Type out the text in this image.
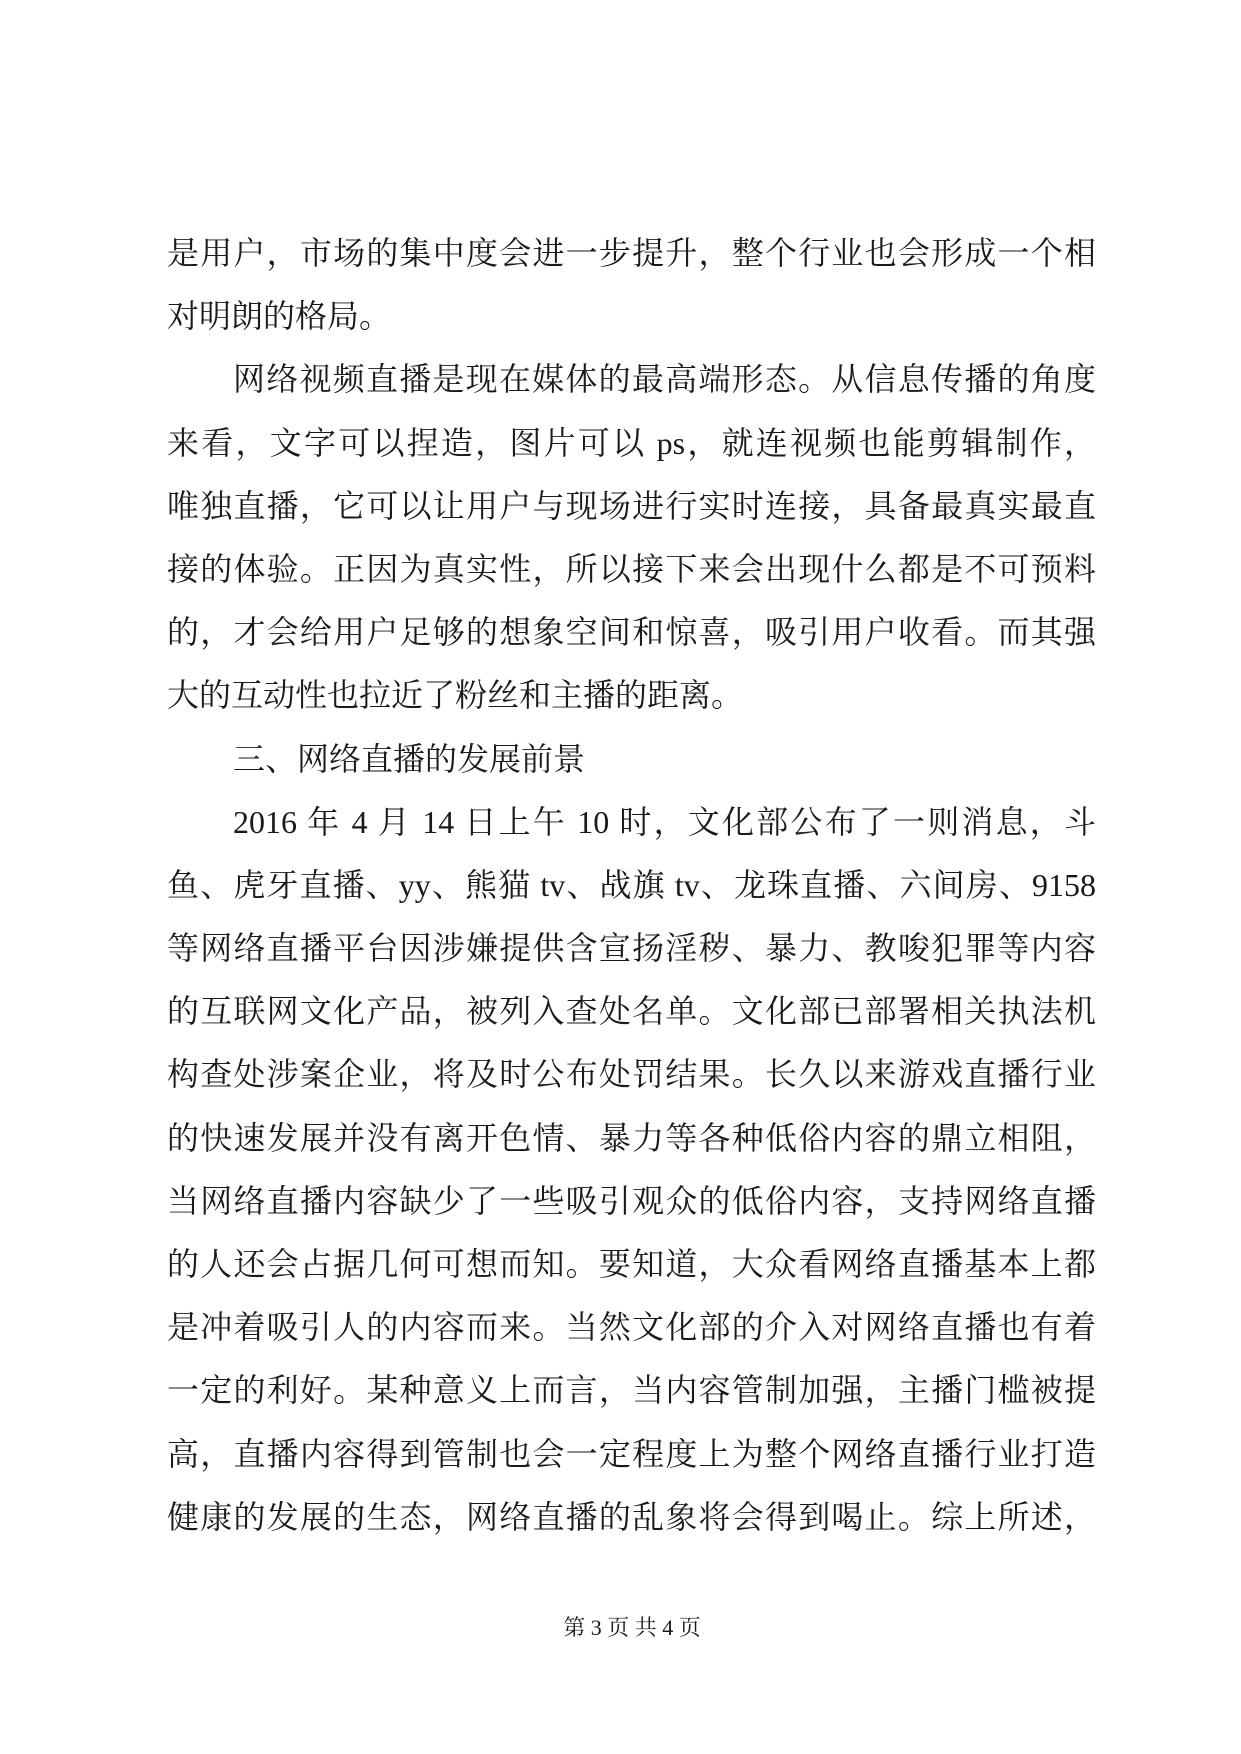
是用户，市场的集中度会进一步提升，整个行业也会形成一个相
对明朗的格局。
网络视频直播是现在媒体的最高端形态。从信息传播的角度
来看，文字可以捏造，图片可以 ps，就连视频也能剪辑制作，
唯独直播，它可以让用户与现场进行实时连接，具备最真实最直
接的体验。正因为真实性，所以接下来会出现什么都是不可预料
的，才会给用户足够的想象空间和惊喜，吸引用户收看。而其强
大的互动性也拉近了粉丝和主播的距离。
三、网络直播的发展前景
2016 年 4 月 14 日上午 10 时，文化部公布了一则消息，斗
鱼、虎牙直播、yy、熊猫 tv、战旗 tv、龙珠直播、六间房、9158
等网络直播平台因涉嫌提供含宣扬淫秽、暴力、教唆犯罪等内容
的互联网文化产品，被列入查处名单。文化部已部署相关执法机
构查处涉案企业，将及时公布处罚结果。长久以来游戏直播行业
的快速发展并没有离开色情、暴力等各种低俗内容的鼎立相阻，
当网络直播内容缺少了一些吸引观众的低俗内容，支持网络直播
的人还会占据几何可想而知。要知道，大众看网络直播基本上都
是冲着吸引人的内容而来。当然文化部的介入对网络直播也有着
一定的利好。某种意义上而言，当内容管制加强，主播门槛被提
高，直播内容得到管制也会一定程度上为整个网络直播行业打造
健康的发展的生态，网络直播的乱象将会得到喝止。综上所述，
第 3 页 共 4 页
